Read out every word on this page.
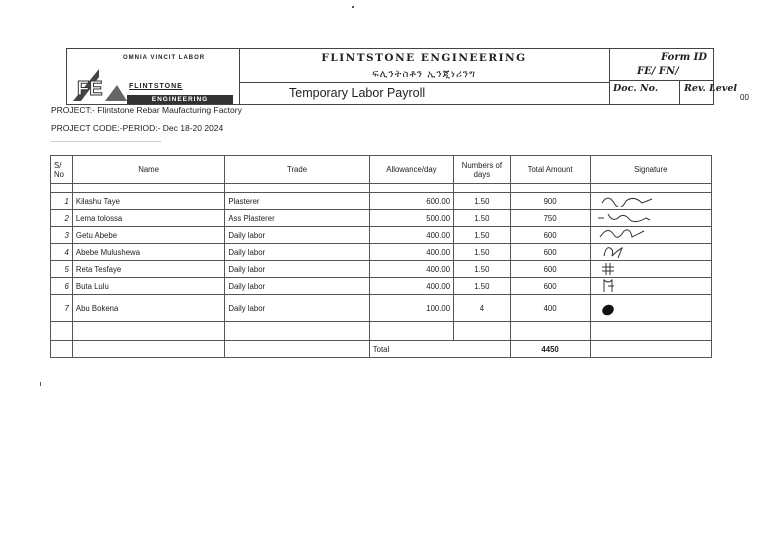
OMNIA VINCIT LABOR
FE	FLINTSTONE
ENGINEERING
FLINTSTONE ENGINEERING
ፍሊንትስቶን ኢንጂነሪንግ
Temporary Labor Payroll
Form ID
FE/ FN/
Doc. No.	Rev. Level
00
PROJECT:- Flintstone Rebar Maufacturing Factory
PROJECT CODE:-PERIOD:- Dec 18-20 2024
S/ No	Name	Trade	Allowance/day	Numbers of days	Total Amount	Signature

1	Kilashu Taye	Plasterer	600.00	1.50	900	
2	Lema tolossa	Ass Plasterer	500.00	1.50	750	
3	Getu Abebe	Daily labor	400.00	1.50	600	
4	Abebe Mulushewa	Daily labor	400.00	1.50	600	
5	Reta Tesfaye	Daily labor	400.00	1.50	600	
6	Buta Lulu	Daily labor	400.00	1.50	600	
7	Abu Bokena	Daily labor	100.00	4	400	

			Total		4450	
